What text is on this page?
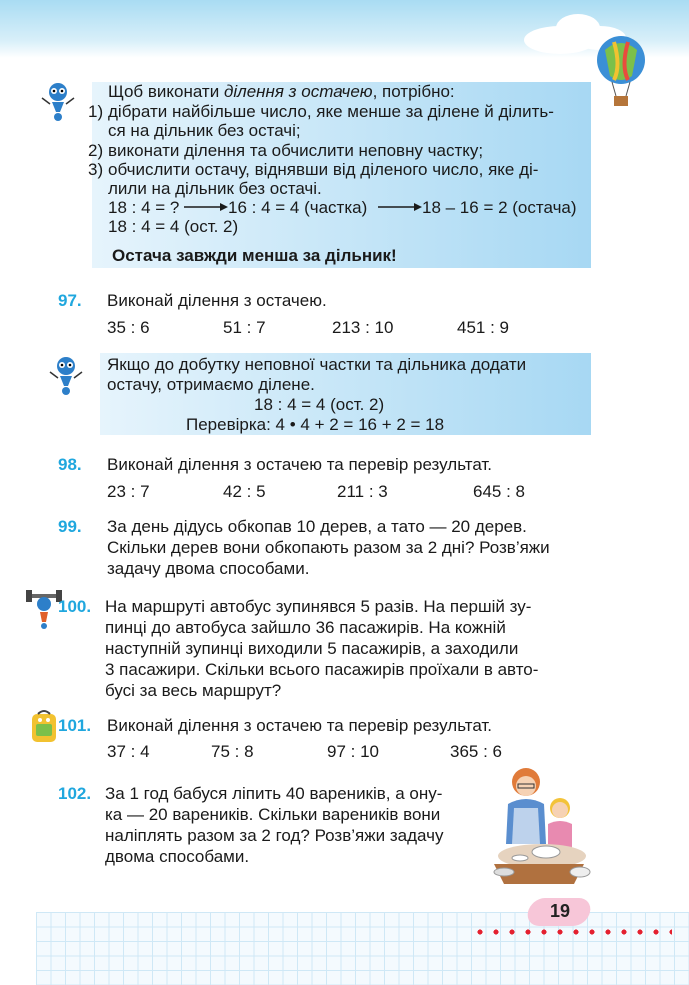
Щоб виконати ділення з остачею, потрібно:
1) дібрати найбільше число, яке менше за ділене й ділить-
ся на дільник без остачі;
2) виконати ділення та обчислити неповну частку;
3) обчислити остачу, віднявши від діленого число, яке ді-
лили на дільник без остачі.
18 : 4 = ?	16 : 4 = 4 (частка)	18 – 16 = 2 (остача)
18 : 4 = 4 (ост. 2)
Остача завжди менша за дільник!
97. Виконай ділення з остачею.
35 : 6	51 : 7	213 : 10	451 : 9
Якщо до добутку неповної частки та дільника додати
остачу, отримаємо ділене.
18 : 4 = 4 (ост. 2)
Перевірка: 4 • 4 + 2 = 16 + 2 = 18
98. Виконай ділення з остачею та перевір результат.
23 : 7	42 : 5	211 : 3	645 : 8
99. За день дідусь обкопав 10 дерев, а тато — 20 дерев.
Скільки дерев вони обкопають разом за 2 дні? Розв’яжи
задачу двома способами.
100. На маршруті автобус зупинявся 5 разів. На першій зу-
пинці до автобуса зайшло 36 пасажирів. На кожній
наступній зупинці виходили 5 пасажирів, а заходили
3 пасажири. Скільки всього пасажирів проїхали в авто-
бусі за весь маршрут?
101. Виконай ділення з остачею та перевір результат.
37 : 4	75 : 8	97 : 10	365 : 6
102. За 1 год бабуся ліпить 40 вареників, а ону-
ка — 20 вареників. Скільки вареників вони
наліплять разом за 2 год? Розв’яжи задачу
двома способами.
19
